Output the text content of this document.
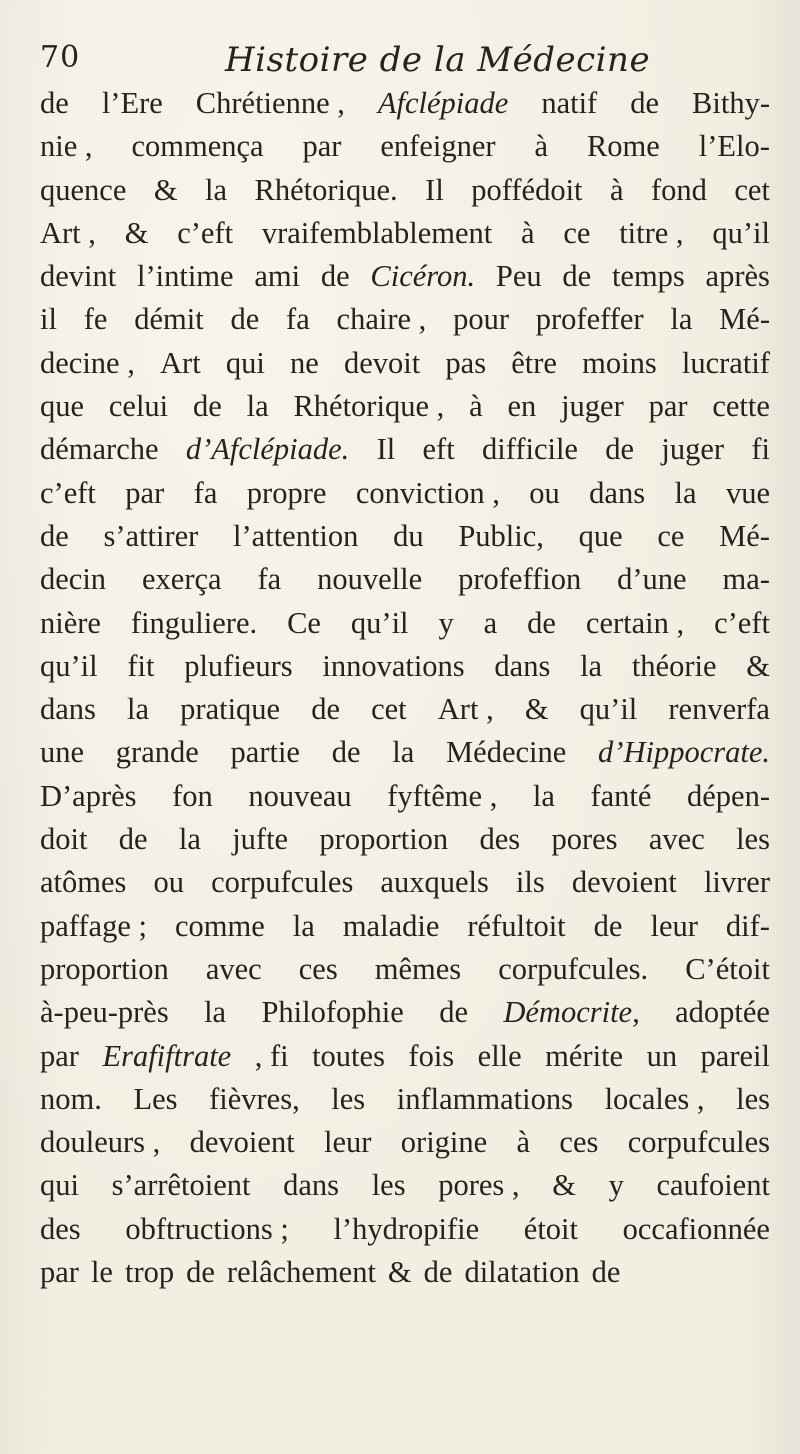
70	Histoire de la Médecine
de l’Ere Chrétienne , Afclépiade natif de Bithy-
nie , commença par enfeigner à Rome l’Elo-
quence & la Rhétorique. Il poffédoit à fond cet
Art , & c’eft vraifemblablement à ce titre , qu’il
devint l’intime ami de Cicéron. Peu de temps après
il fe démit de fa chaire , pour profeffer la Mé-
decine , Art qui ne devoit pas être moins lucratif
que celui de la Rhétorique , à en juger par cette
démarche d’Afclépiade. Il eft difficile de juger fi
c’eft par fa propre conviction , ou dans la vue
de s’attirer l’attention du Public, que ce Mé-
decin exerça fa nouvelle profeffion d’une ma-
nière finguliere. Ce qu’il y a de certain , c’eft
qu’il fit plufieurs innovations dans la théorie &
dans la pratique de cet Art , & qu’il renverfa
une grande partie de la Médecine d’Hippocrate.
D’après fon nouveau fyftême , la fanté dépen-
doit de la jufte proportion des pores avec les
atômes ou corpufcules auxquels ils devoient livrer
paffage ; comme la maladie réfultoit de leur dif-
proportion avec ces mêmes corpufcules. C’étoit
à-peu-près la Philofophie de Démocrite, adoptée
par Erafiftrate , fi toutes fois elle mérite un pareil
nom. Les fièvres, les inflammations locales , les
douleurs , devoient leur origine à ces corpufcules
qui s’arrêtoient dans les pores , & y caufoient
des obftructions ; l’hydropifie étoit occafionnée
par le trop de relâchement & de dilatation de
